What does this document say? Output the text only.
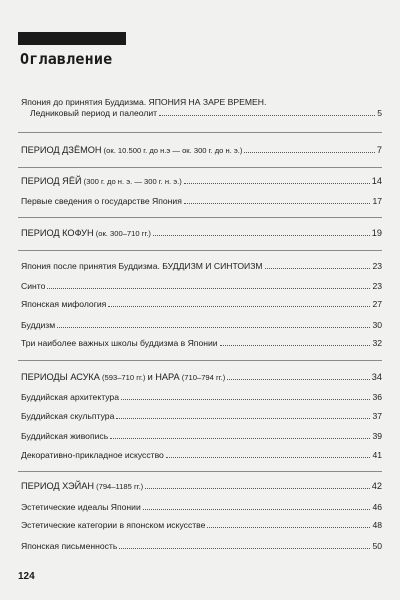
Оглавление
Япония до принятия Буддизма. ЯПОНИЯ НА ЗАРЕ ВРЕМЕН.
Ледниковый период и палеолит	5
ПЕРИОД ДЗЁМОН (ок. 10.500 г. до н.э — ок. 300 г. до н. э.)	7
ПЕРИОД ЯЁЙ (300 г. до н. э. — 300 г. н. э.)	14
Первые сведения о государстве Япония	17
ПЕРИОД КОФУН (ок. 300–710 гг.)	19
Япония после принятия Буддизма. БУДДИЗМ И СИНТОИЗМ	23
Синто	23
Японская мифология	27
Буддизм	30
Три наиболее важных школы буддизма в Японии	32
ПЕРИОДЫ АСУКА (593–710 гг.) и НАРА (710–794 гг.)	34
Буддийская архитектура	36
Буддийская скульптура	37
Буддийская живопись	39
Декоративно-прикладное искусство	41
ПЕРИОД ХЭЙАН (794–1185 гг.)	42
Эстетические идеалы Японии	46
Эстетические категории в японском искусстве	48
Японская письменность	50
124
